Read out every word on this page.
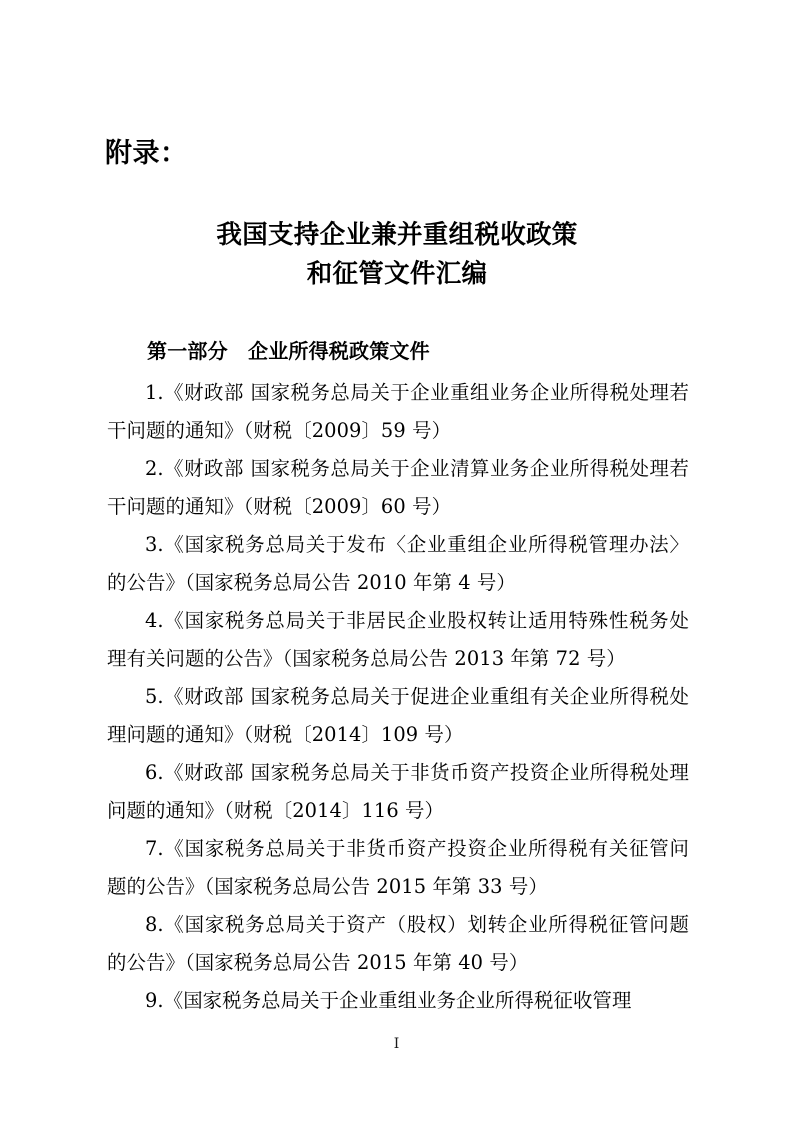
附录：
我国支持企业兼并重组税收政策
和征管文件汇编
第一部分　企业所得税政策文件
1.《财政部 国家税务总局关于企业重组业务企业所得税处理若干问题的通知》（财税〔2009〕59 号）
2.《财政部 国家税务总局关于企业清算业务企业所得税处理若干问题的通知》（财税〔2009〕60 号）
3.《国家税务总局关于发布〈企业重组企业所得税管理办法〉的公告》（国家税务总局公告 2010 年第 4 号）
4.《国家税务总局关于非居民企业股权转让适用特殊性税务处理有关问题的公告》（国家税务总局公告 2013 年第 72 号）
5.《财政部 国家税务总局关于促进企业重组有关企业所得税处理问题的通知》（财税〔2014〕109 号）
6.《财政部 国家税务总局关于非货币资产投资企业所得税处理问题的通知》（财税〔2014〕116 号）
7.《国家税务总局关于非货币资产投资企业所得税有关征管问题的公告》（国家税务总局公告 2015 年第 33 号）
8.《国家税务总局关于资产（股权）划转企业所得税征管问题的公告》（国家税务总局公告 2015 年第 40 号）
9.《国家税务总局关于企业重组业务企业所得税征收管理
I
